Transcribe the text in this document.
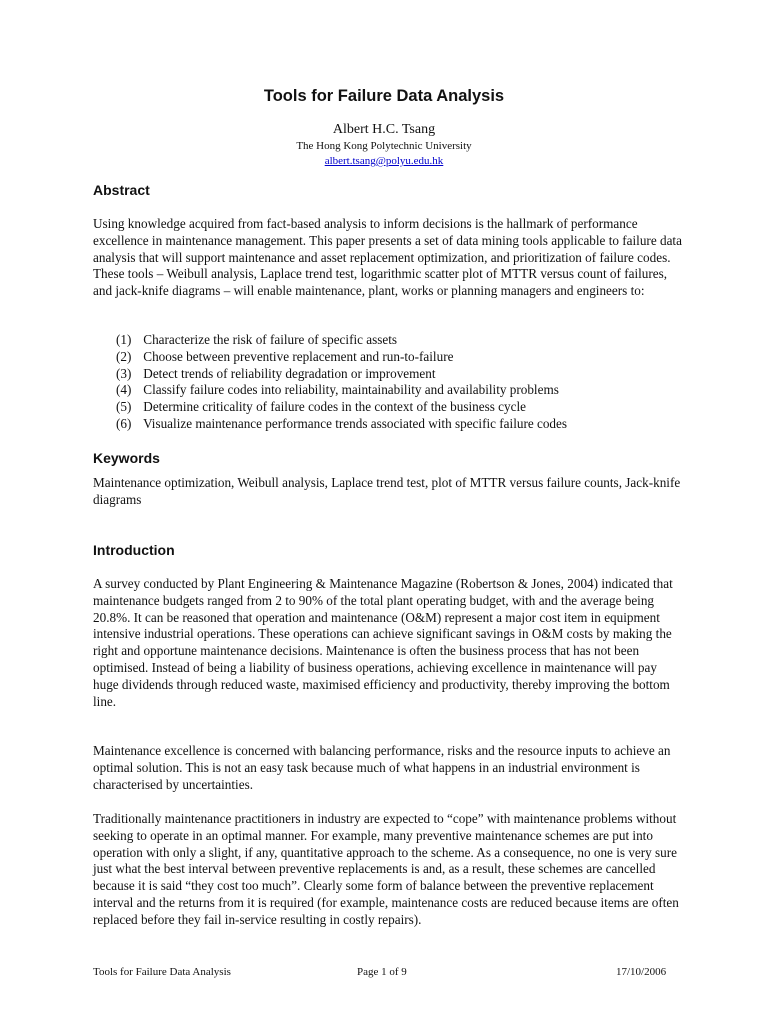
Tools for Failure Data Analysis
Albert H.C. Tsang
The Hong Kong Polytechnic University
albert.tsang@polyu.edu.hk
Abstract

Using knowledge acquired from fact-based analysis to inform decisions is the hallmark of performance excellence in maintenance management. This paper presents a set of data mining tools applicable to failure data analysis that will support maintenance and asset replacement optimization, and prioritization of failure codes. These tools – Weibull analysis, Laplace trend test, logarithmic scatter plot of MTTR versus count of failures, and jack-knife diagrams – will enable maintenance, plant, works or planning managers and engineers to:

(1) Characterize the risk of failure of specific assets
(2) Choose between preventive replacement and run-to-failure
(3) Detect trends of reliability degradation or improvement
(4) Classify failure codes into reliability, maintainability and availability problems
(5) Determine criticality of failure codes in the context of the business cycle
(6) Visualize maintenance performance trends associated with specific failure codes
Keywords

Maintenance optimization, Weibull analysis, Laplace trend test, plot of MTTR versus failure counts, Jack-knife diagrams

Introduction

A survey conducted by Plant Engineering & Maintenance Magazine (Robertson & Jones, 2004) indicated that maintenance budgets ranged from 2 to 90% of the total plant operating budget, with and the average being 20.8%. It can be reasoned that operation and maintenance (O&M) represent a major cost item in equipment intensive industrial operations. These operations can achieve significant savings in O&M costs by making the right and opportune maintenance decisions. Maintenance is often the business process that has not been optimised. Instead of being a liability of business operations, achieving excellence in maintenance will pay huge dividends through reduced waste, maximised efficiency and productivity, thereby improving the bottom line.

Maintenance excellence is concerned with balancing performance, risks and the resource inputs to achieve an optimal solution. This is not an easy task because much of what happens in an industrial environment is characterised by uncertainties.

Traditionally maintenance practitioners in industry are expected to “cope” with maintenance problems without seeking to operate in an optimal manner. For example, many preventive maintenance schemes are put into operation with only a slight, if any, quantitative approach to the scheme. As a consequence, no one is very sure just what the best interval between preventive replacements is and, as a result, these schemes are cancelled because it is said “they cost too much”. Clearly some form of balance between the preventive replacement interval and the returns from it is required (for example, maintenance costs are reduced because items are often replaced before they fail in-service resulting in costly repairs).

Tools for Failure Data Analysis	Page 1 of 9	17/10/2006
